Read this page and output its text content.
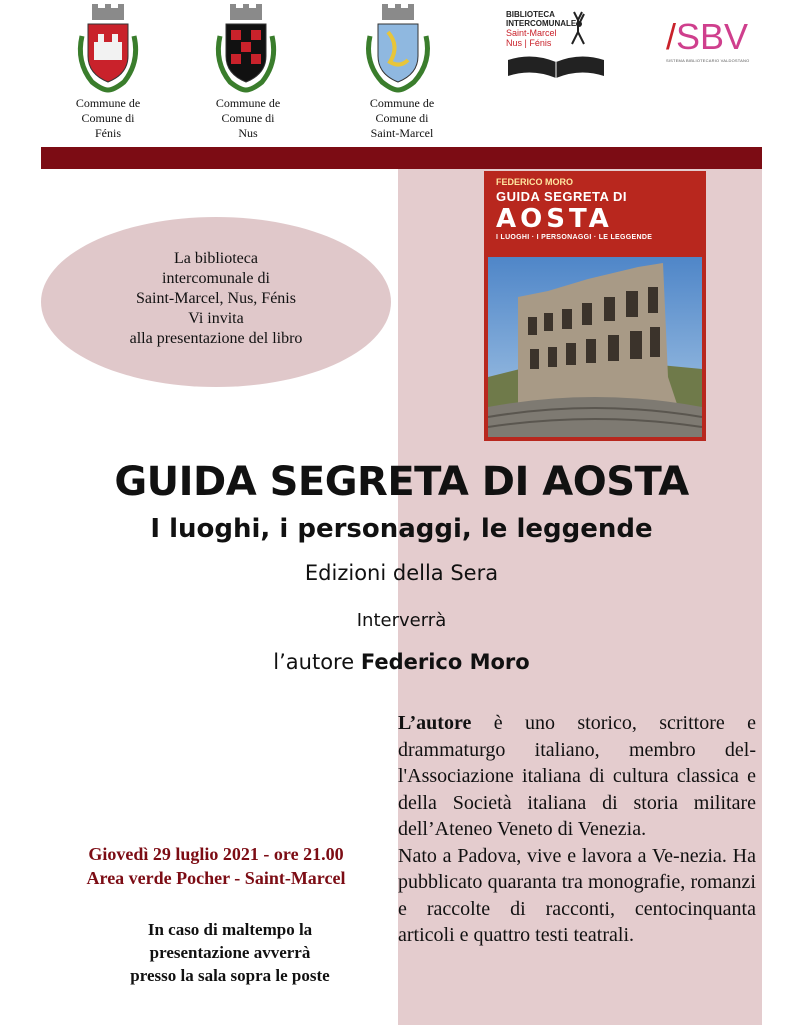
BIBLIOTECA
INTERCOMUNALE
Saint-Marcel
Nus | Fénis	/SBV
SISTEMA BIBLIOTECARIO VALDOSTANO
Commune de
Comune di
Fénis
Commune de
Comune di
Nus
Commune de
Comune di
Saint-Marcel
La biblioteca
intercomunale di
Saint-Marcel, Nus, Fénis
Vi invita
alla presentazione del libro
FEDERICO MORO
GUIDA SEGRETA DI
AOSTA
I LUOGHI · I PERSONAGGI · LE LEGGENDE
GUIDA SEGRETA DI AOSTA
I luoghi, i personaggi, le leggende
Edizioni della Sera
Interverrà
l’autore Federico Moro

L’autore è uno storico, scrittore e drammaturgo italiano, membro del-l'Associazione italiana di cultura classica e della Società italiana di storia militare dell’Ateneo Veneto di Venezia.

Nato a Padova, vive e lavora a Ve-nezia. Ha pubblicato quaranta tra monografie, romanzi e raccolte di racconti, centocinquanta articoli e quattro testi teatrali.

Giovedì 29 luglio 2021 - ore 21.00
Area verde Pocher - Saint-Marcel
In caso di maltempo la
presentazione avverrà
presso la sala sopra le poste
